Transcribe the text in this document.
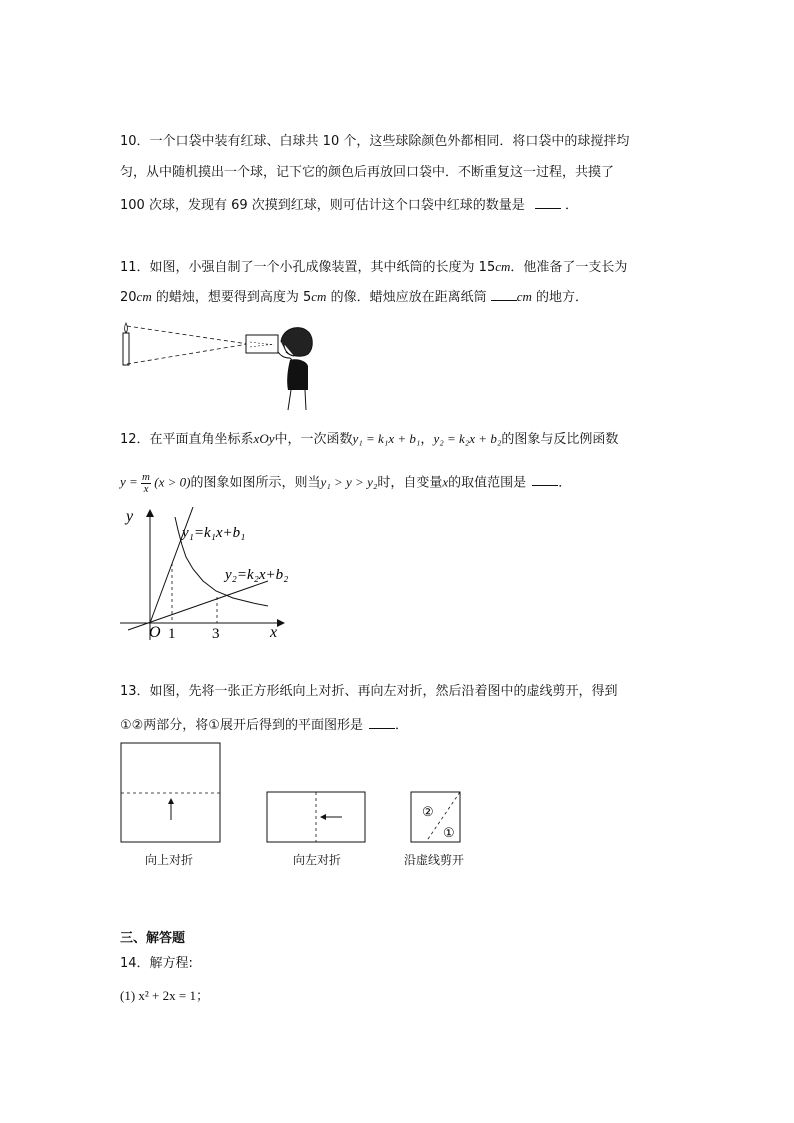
10．一个口袋中装有红球、白球共 10 个，这些球除颜色外都相同．将口袋中的球搅拌均
匀，从中随机摸出一个球，记下它的颜色后再放回口袋中．不断重复这一过程，共摸了
100 次球，发现有 69 次摸到红球，则可估计这个口袋中红球的数量是	．
11．如图，小强自制了一个小孔成像装置，其中纸筒的长度为 15cm．他准备了一支长为
20cm 的蜡烛，想要得到高度为 5cm 的像．蜡烛应放在距离纸筒 cm 的地方．
12．在平面直角坐标系xOy中，一次函数y₁ = k₁x + b₁，y₂ = k₂x + b₂的图象与反比例函数
$y = \frac{m}{x} (x > 0)$的图象如图所示，则当y₁ > y > y₂时，自变量x的取值范围是 ．
y
x
O 1 3
y₁=k₁x+b₁
y₂=k₂x+b₂
13．如图，先将一张正方形纸向上对折、再向左对折，然后沿着图中的虚线剪开，得到
①②两部分，将①展开后得到的平面图形是 ．
②
①
向上对折	向左对折	沿虚线剪开
三、解答题
14．解方程:
(1) x² + 2x = 1；
